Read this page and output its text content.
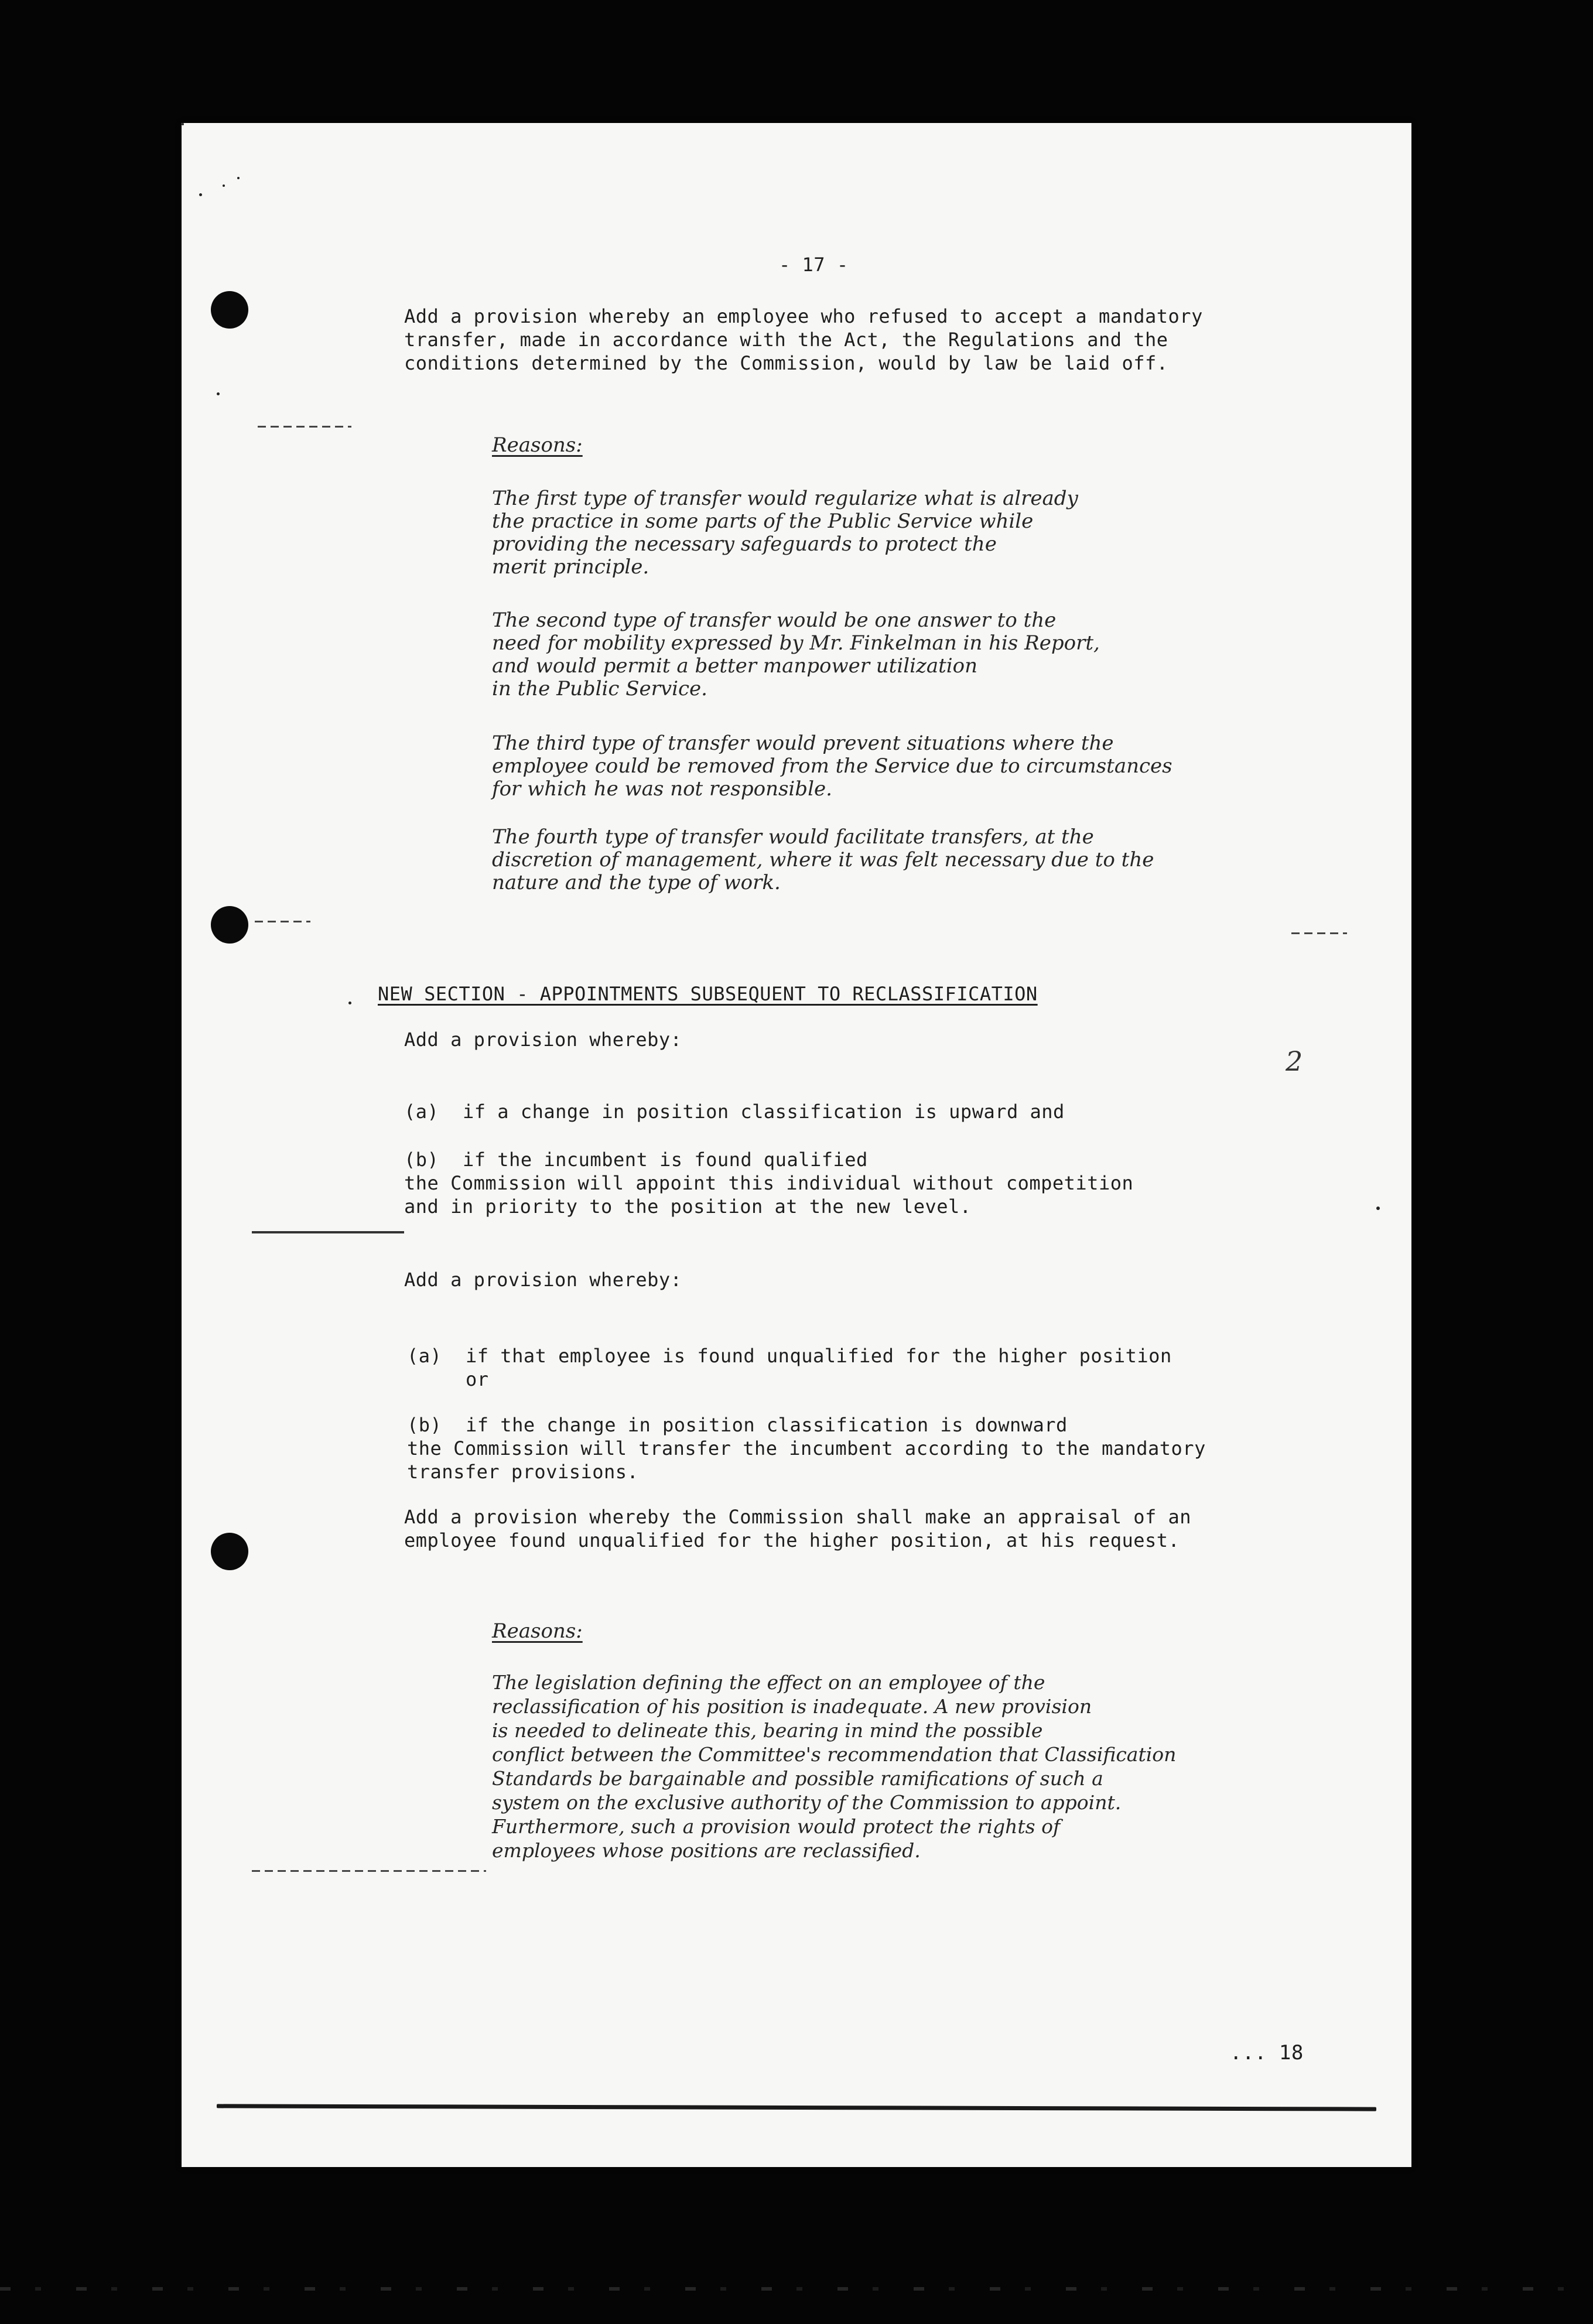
- 17 -
Add a provision whereby an employee who refused to accept a mandatory
transfer, made in accordance with the Act, the Regulations and the
conditions determined by the Commission, would by law be laid off.
Reasons:
The first type of transfer would regularize what is already
the practice in some parts of the Public Service while
providing the necessary safeguards to protect the
merit principle.
The second type of transfer would be one answer to the
need for mobility expressed by Mr. Finkelman in his Report,
and would permit a better manpower utilization
in the Public Service.
The third type of transfer would prevent situations where the
employee could be removed from the Service due to circumstances
for which he was not responsible.
The fourth type of transfer would facilitate transfers, at the
discretion of management, where it was felt necessary due to the
nature and the type of work.
NEW SECTION - APPOINTMENTS SUBSEQUENT TO RECLASSIFICATION
2
Add a provision whereby:

(a)	if a change in position classification is upward and

(b)	if the incumbent is found qualified

the Commission will appoint this individual without competition
and in priority to the position at the new level.
Add a provision whereby:

(a)	if that employee is found unqualified for the higher position
or

(b)	if the change in position classification is downward

the Commission will transfer the incumbent according to the mandatory
transfer provisions.
Add a provision whereby the Commission shall make an appraisal of an
employee found unqualified for the higher position, at his request.
Reasons:
The legislation defining the effect on an employee of the
reclassification of his position is inadequate. A new provision
is needed to delineate this, bearing in mind the possible
conflict between the Committee's recommendation that Classification
Standards be bargainable and possible ramifications of such a
system on the exclusive authority of the Commission to appoint.
Furthermore, such a provision would protect the rights of
employees whose positions are reclassified.
... 18
